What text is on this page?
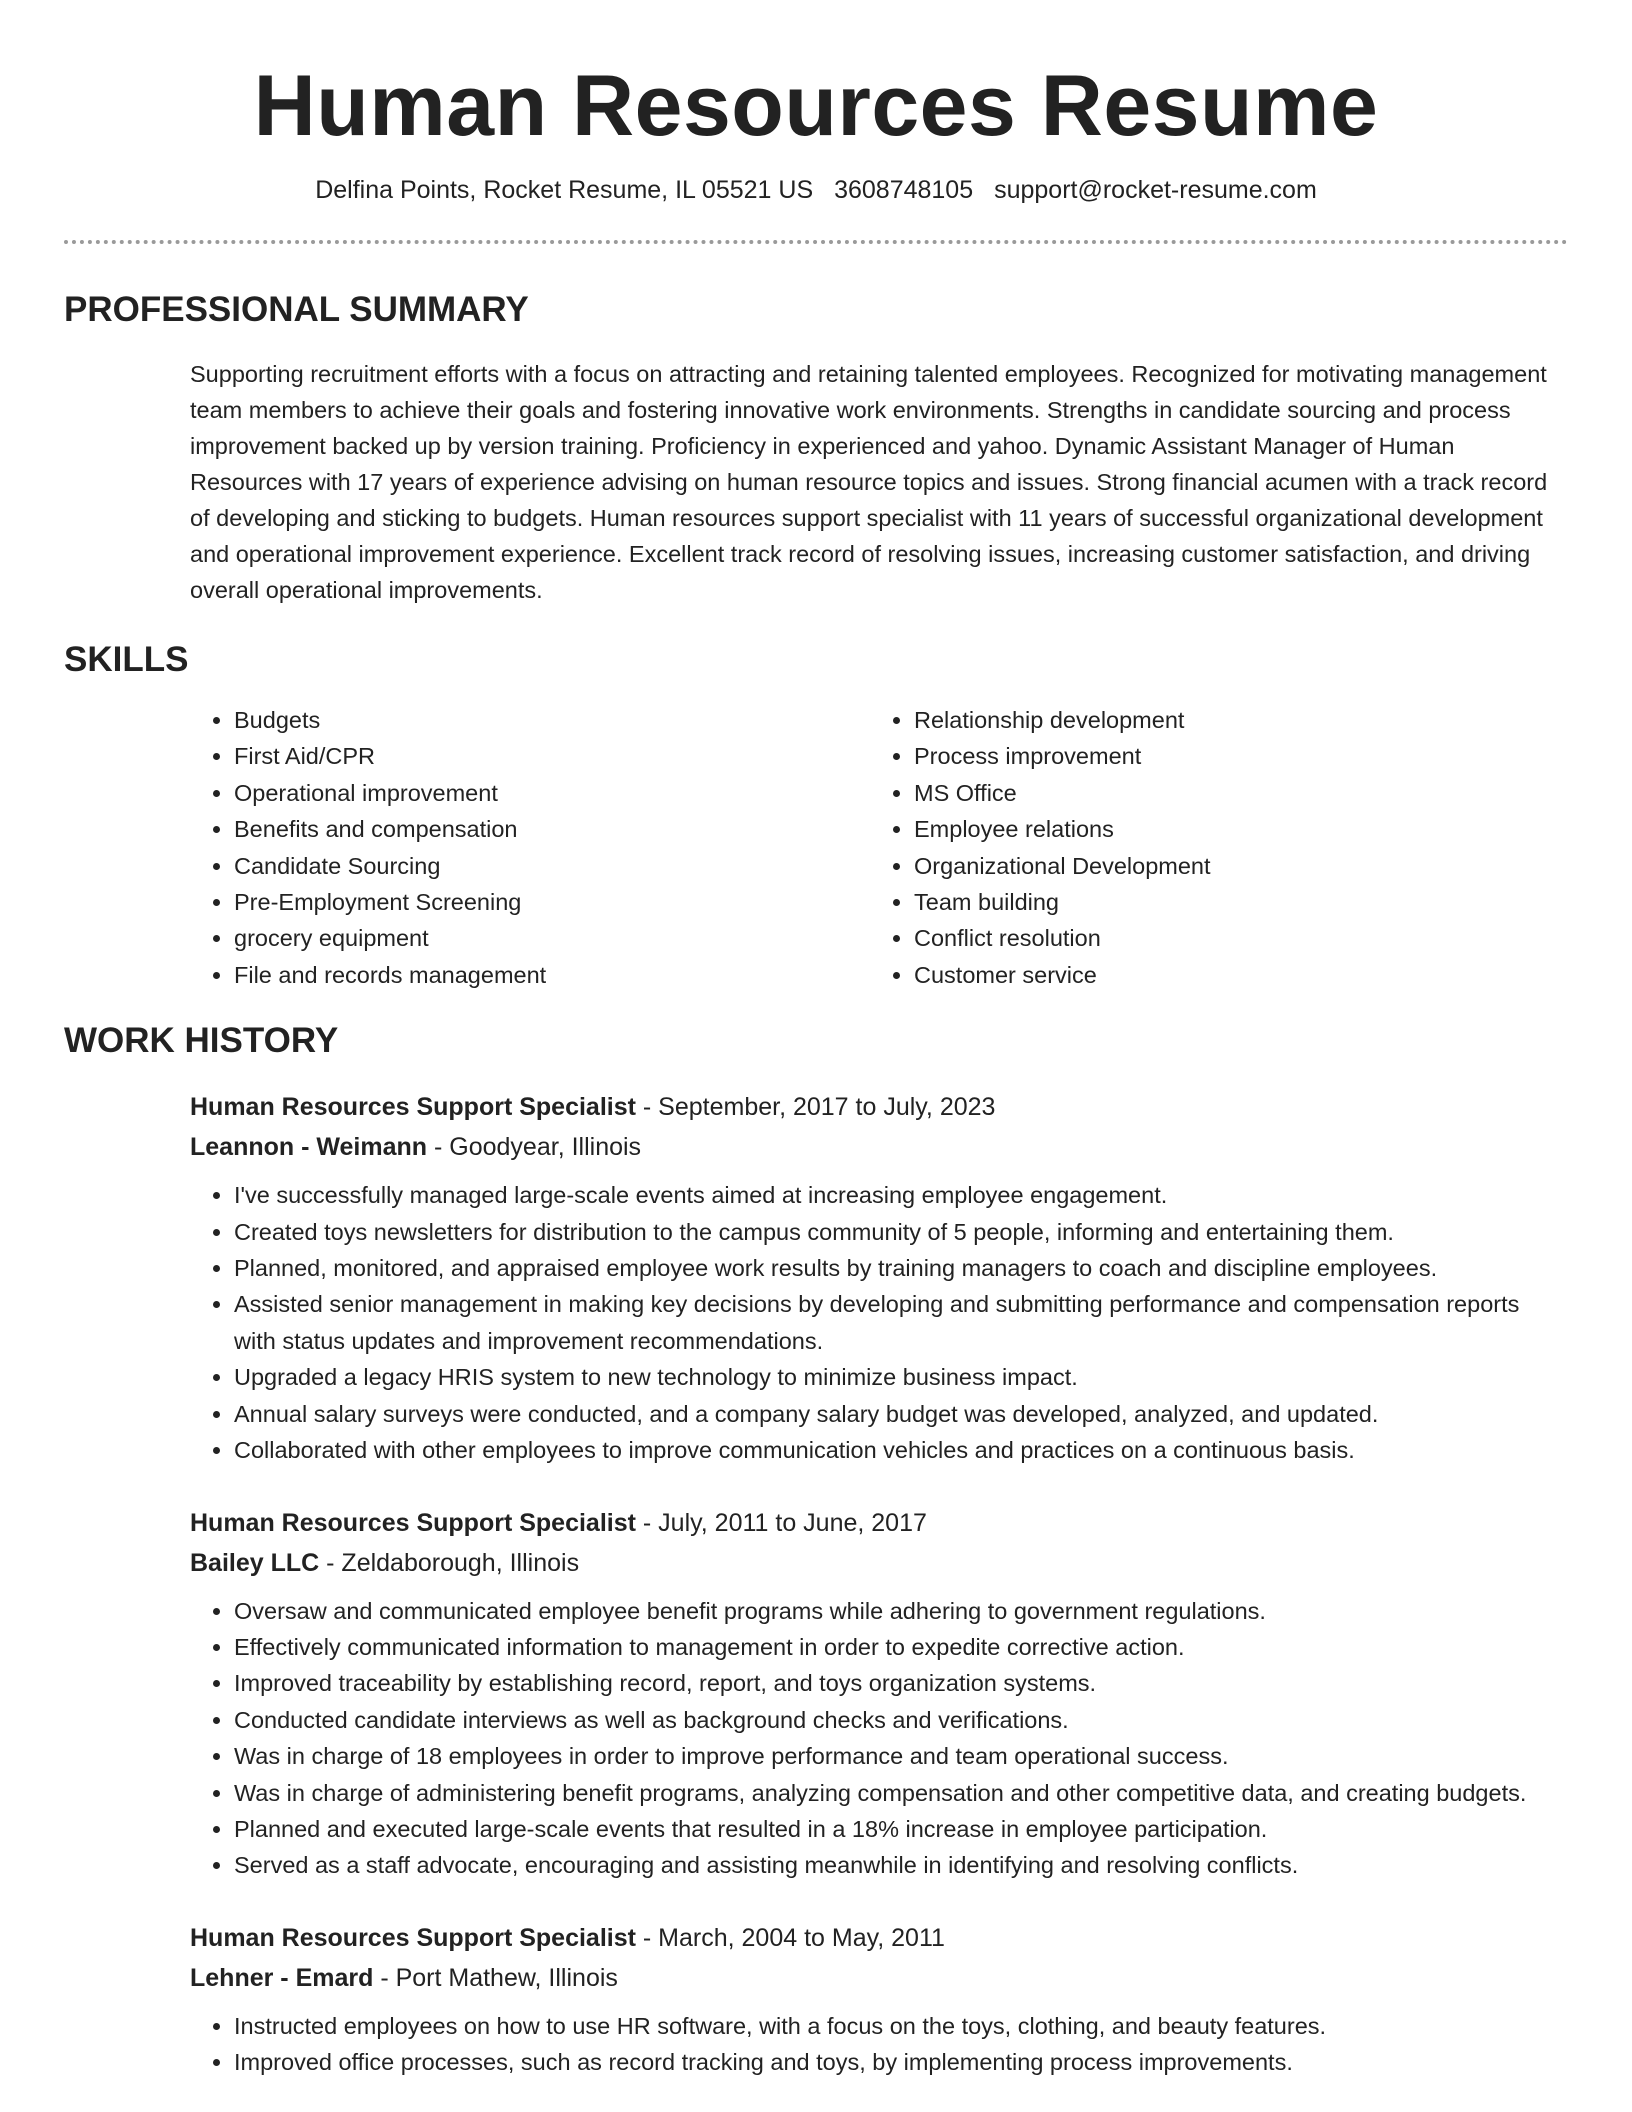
Human Resources Resume
Delfina Points, Rocket Resume, IL 05521 US 3608748105 support@rocket-resume.com
PROFESSIONAL SUMMARY
Supporting recruitment efforts with a focus on attracting and retaining talented employees. Recognized for motivating management team members to achieve their goals and fostering innovative work environments. Strengths in candidate sourcing and process improvement backed up by version training. Proficiency in experienced and yahoo. Dynamic Assistant Manager of Human Resources with 17 years of experience advising on human resource topics and issues. Strong financial acumen with a track record of developing and sticking to budgets. Human resources support specialist with 11 years of successful organizational development and operational improvement experience. Excellent track record of resolving issues, increasing customer satisfaction, and driving overall operational improvements.
SKILLS
• Budgets
• First Aid/CPR
• Operational improvement
• Benefits and compensation
• Candidate Sourcing
• Pre-Employment Screening
• grocery equipment
• File and records management
• Relationship development
• Process improvement
• MS Office
• Employee relations
• Organizational Development
• Team building
• Conflict resolution
• Customer service
WORK HISTORY
Human Resources Support Specialist - September, 2017 to July, 2023
Leannon - Weimann - Goodyear, Illinois
• I've successfully managed large-scale events aimed at increasing employee engagement.
• Created toys newsletters for distribution to the campus community of 5 people, informing and entertaining them.
• Planned, monitored, and appraised employee work results by training managers to coach and discipline employees.
• Assisted senior management in making key decisions by developing and submitting performance and compensation reports with status updates and improvement recommendations.
• Upgraded a legacy HRIS system to new technology to minimize business impact.
• Annual salary surveys were conducted, and a company salary budget was developed, analyzed, and updated.
• Collaborated with other employees to improve communication vehicles and practices on a continuous basis.
Human Resources Support Specialist - July, 2011 to June, 2017
Bailey LLC - Zeldaborough, Illinois
• Oversaw and communicated employee benefit programs while adhering to government regulations.
• Effectively communicated information to management in order to expedite corrective action.
• Improved traceability by establishing record, report, and toys organization systems.
• Conducted candidate interviews as well as background checks and verifications.
• Was in charge of 18 employees in order to improve performance and team operational success.
• Was in charge of administering benefit programs, analyzing compensation and other competitive data, and creating budgets.
• Planned and executed large-scale events that resulted in a 18% increase in employee participation.
• Served as a staff advocate, encouraging and assisting meanwhile in identifying and resolving conflicts.
Human Resources Support Specialist - March, 2004 to May, 2011
Lehner - Emard - Port Mathew, Illinois
• Instructed employees on how to use HR software, with a focus on the toys, clothing, and beauty features.
• Improved office processes, such as record tracking and toys, by implementing process improvements.
